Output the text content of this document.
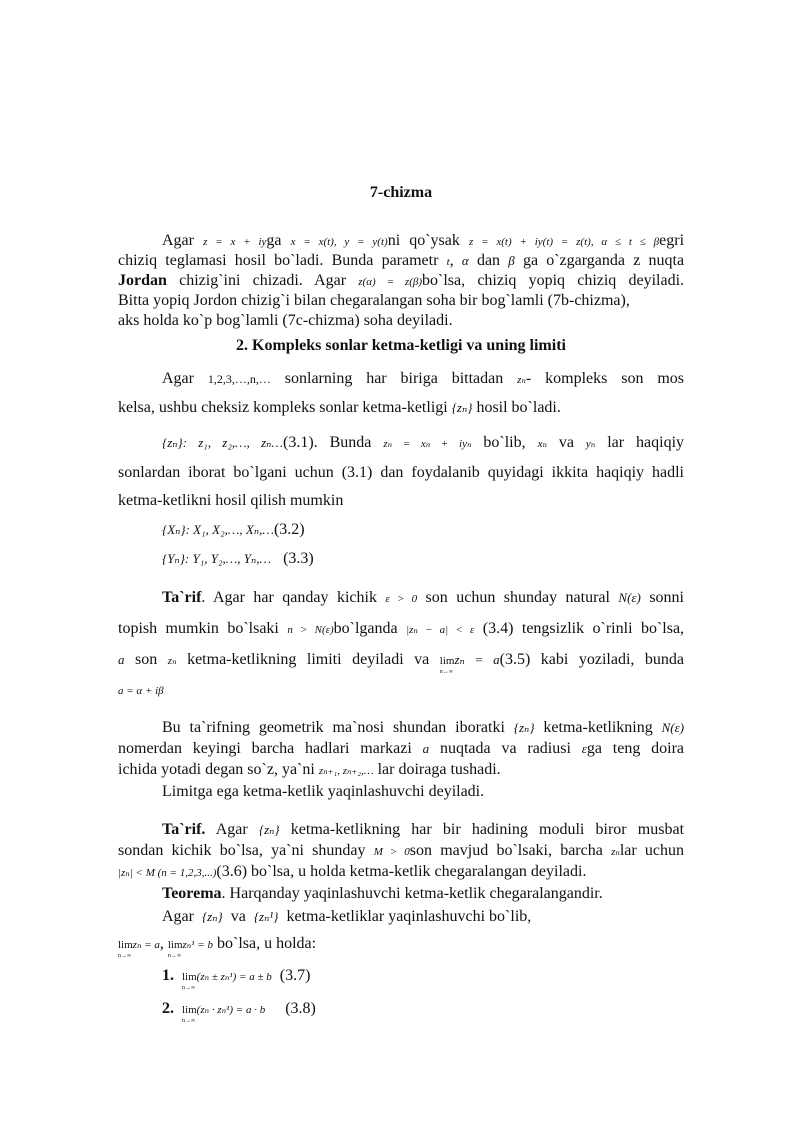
7-chizma
Agar z = x + iyga x = x(t), y = y(t)ni qo`ysak z = x(t) + iy(t) = z(t), α ≤ t ≤ βegri
chiziq teglamasi hosil bo`ladi. Bunda parametr t, α dan β ga o`zgarganda z nuqta
Jordan chizig`ini chizadi. Agar z(α) = z(β)bo`lsa, chiziq yopiq chiziq deyiladi.
Bitta yopiq Jordon chizig`i bilan chegaralangan soha bir bog`lamli (7b-chizma),
aks holda ko`p bog`lamli (7c-chizma) soha deyiladi.
2. Kompleks sonlar ketma-ketligi va uning limiti
Agar 1,2,3,…,n,… sonlarning har biriga bittadan zₙ- kompleks son mos
kelsa, ushbu cheksiz kompleks sonlar ketma-ketligi {zₙ} hosil bo`ladi.
{zₙ}: z₁, z₂,…, zₙ…(3.1). Bunda zₙ = xₙ + iyₙ bo`lib, xₙ va yₙ lar haqiqiy
sonlardan iborat bo`lgani uchun (3.1) dan foydalanib quyidagi ikkita haqiqiy hadli
ketma-ketlikni hosil qilish mumkin
{Xₙ}: X₁, X₂,…, Xₙ,…(3.2)
{Yₙ}: Y₁, Y₂,…, Yₙ,… (3.3)
Ta`rif. Agar har qanday kichik ε > 0 son uchun shunday natural N(ε) sonni
topish mumkin bo`lsaki n > N(ε)bo`lganda |zₙ − a| < ε (3.4) tengsizlik o`rinli bo`lsa,
a son zₙ ketma-ketlikning limiti deyiladi va lim
n→∞
zₙ = a(3.5) kabi yoziladi, bunda
a = α + iβ
Bu ta`rifning geometrik ma`nosi shundan iboratki {zₙ} ketma-ketlikning N(ε)
nomerdan keyingi barcha hadlari markazi a nuqtada va radiusi εga teng doira
ichida yotadi degan so`z, ya`ni zₙ₊₁, zₙ₊₂,… lar doiraga tushadi.
Limitga ega ketma-ketlik yaqinlashuvchi deyiladi.
Ta`rif. Agar {zₙ} ketma-ketlikning har bir hadining moduli biror musbat
sondan kichik bo`lsa, ya`ni shunday M > 0son mavjud bo`lsaki, barcha zₙlar uchun
|zₙ| < M (n = 1,2,3,...)(3.6) bo`lsa, u holda ketma-ketlik chegaralangan deyiladi.
Teorema. Harqanday yaqinlashuvchi ketma-ketlik chegaralangandir.
Agar {zₙ} va {zₙ¹} ketma-ketliklar yaqinlashuvchi bo`lib,
lim
n→∞
zₙ = a, lim
n→∞
zₙ¹ = b bo`lsa, u holda:
1. lim
n→∞
(zₙ ± zₙ¹) = a ± b (3.7)
2. lim
n→∞
(zₙ · zₙ¹) = a · b (3.8)
